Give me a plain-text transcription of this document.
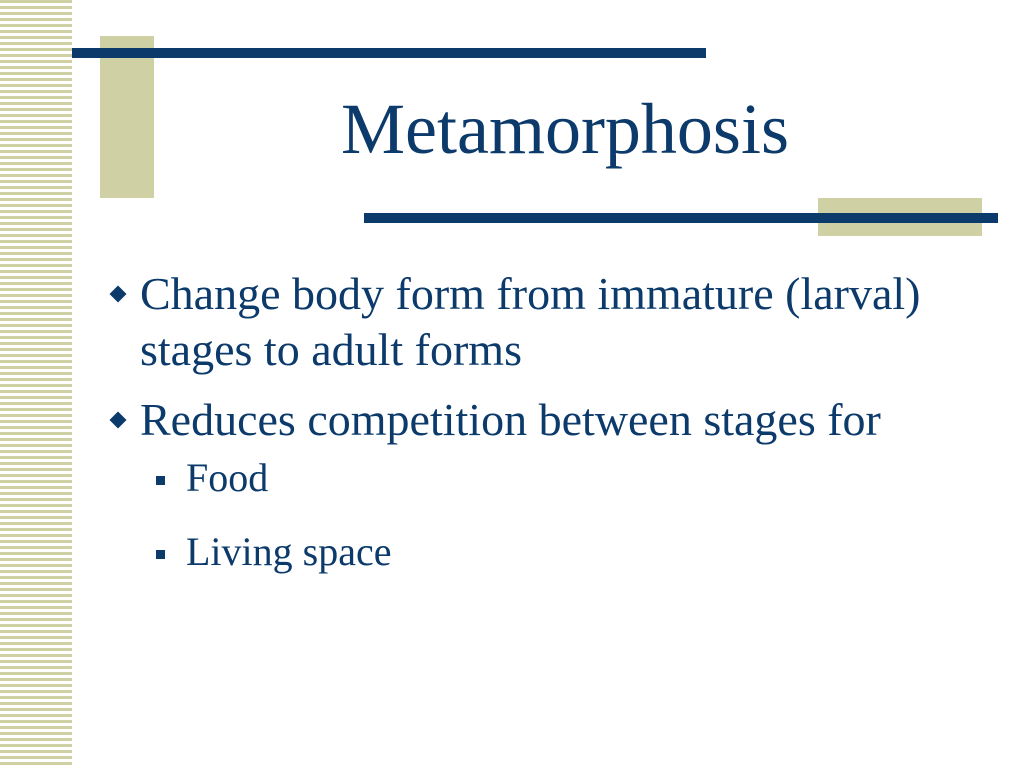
Metamorphosis
Change body form from immature (larval) stages to adult forms
Reduces competition between stages for
Food
Living space
